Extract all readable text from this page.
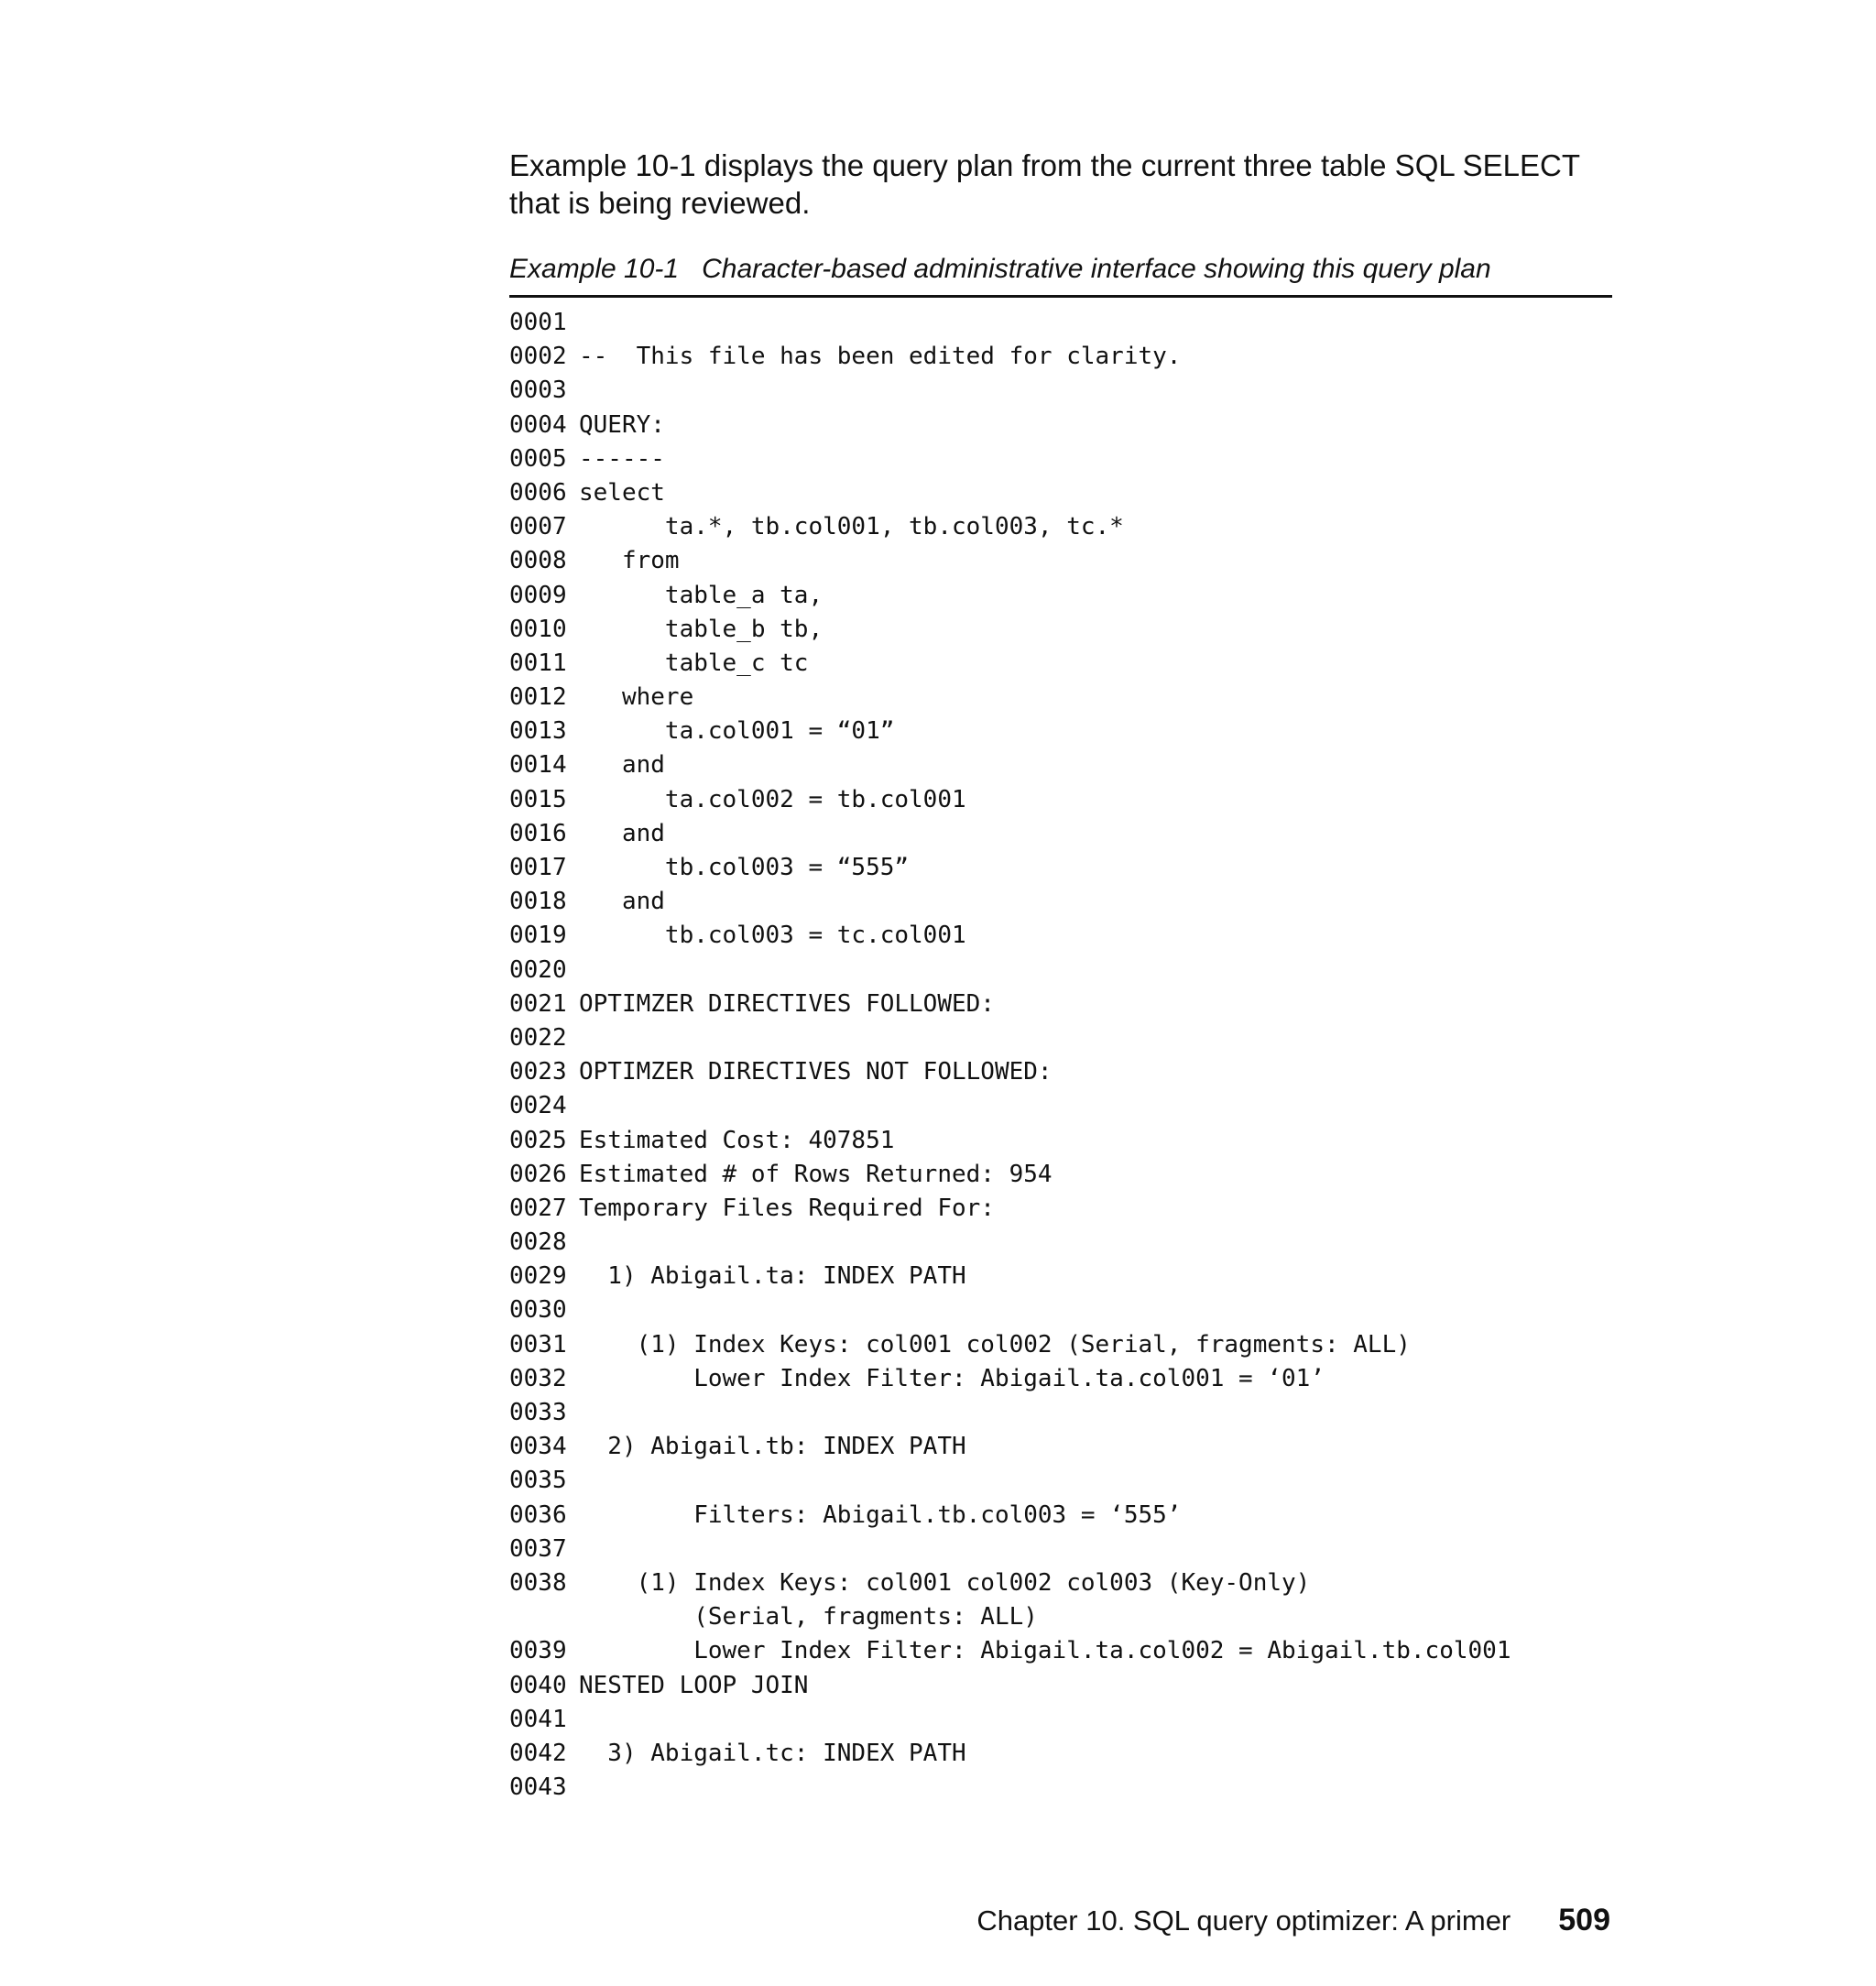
Example 10-1 displays the query plan from the current three table SQL SELECT that is being reviewed.

Example 10-1   Character-based administrative interface showing this query plan

0001
0002 --  This file has been edited for clarity.
0003
0004 QUERY:
0005 ------
0006 select
0007 ta.*, tb.col001, tb.col003, tc.*
0008 from
0009 table_a ta,
0010 table_b tb,
0011 table_c tc
0012 where
0013 ta.col001 = “01”
0014 and
0015 ta.col002 = tb.col001
0016 and
0017 tb.col003 = “555”
0018 and
0019 tb.col003 = tc.col001
0020
0021 OPTIMZER DIRECTIVES FOLLOWED:
0022
0023 OPTIMZER DIRECTIVES NOT FOLLOWED:
0024
0025 Estimated Cost: 407851
0026 Estimated # of Rows Returned: 954
0027 Temporary Files Required For:
0028
0029 1) Abigail.ta: INDEX PATH
0030
0031 (1) Index Keys: col001 col002 (Serial, fragments: ALL)
0032 Lower Index Filter: Abigail.ta.col001 = ‘01’
0033
0034 2) Abigail.tb: INDEX PATH
0035
0036 Filters: Abigail.tb.col003 = ‘555’
0037
0038 (1) Index Keys: col001 col002 col003 (Key-Only)
(Serial, fragments: ALL)
0039 Lower Index Filter: Abigail.ta.col002 = Abigail.tb.col001
0040 NESTED LOOP JOIN
0041
0042 3) Abigail.tc: INDEX PATH
0043
Chapter 10. SQL query optimizer: A primer 509
